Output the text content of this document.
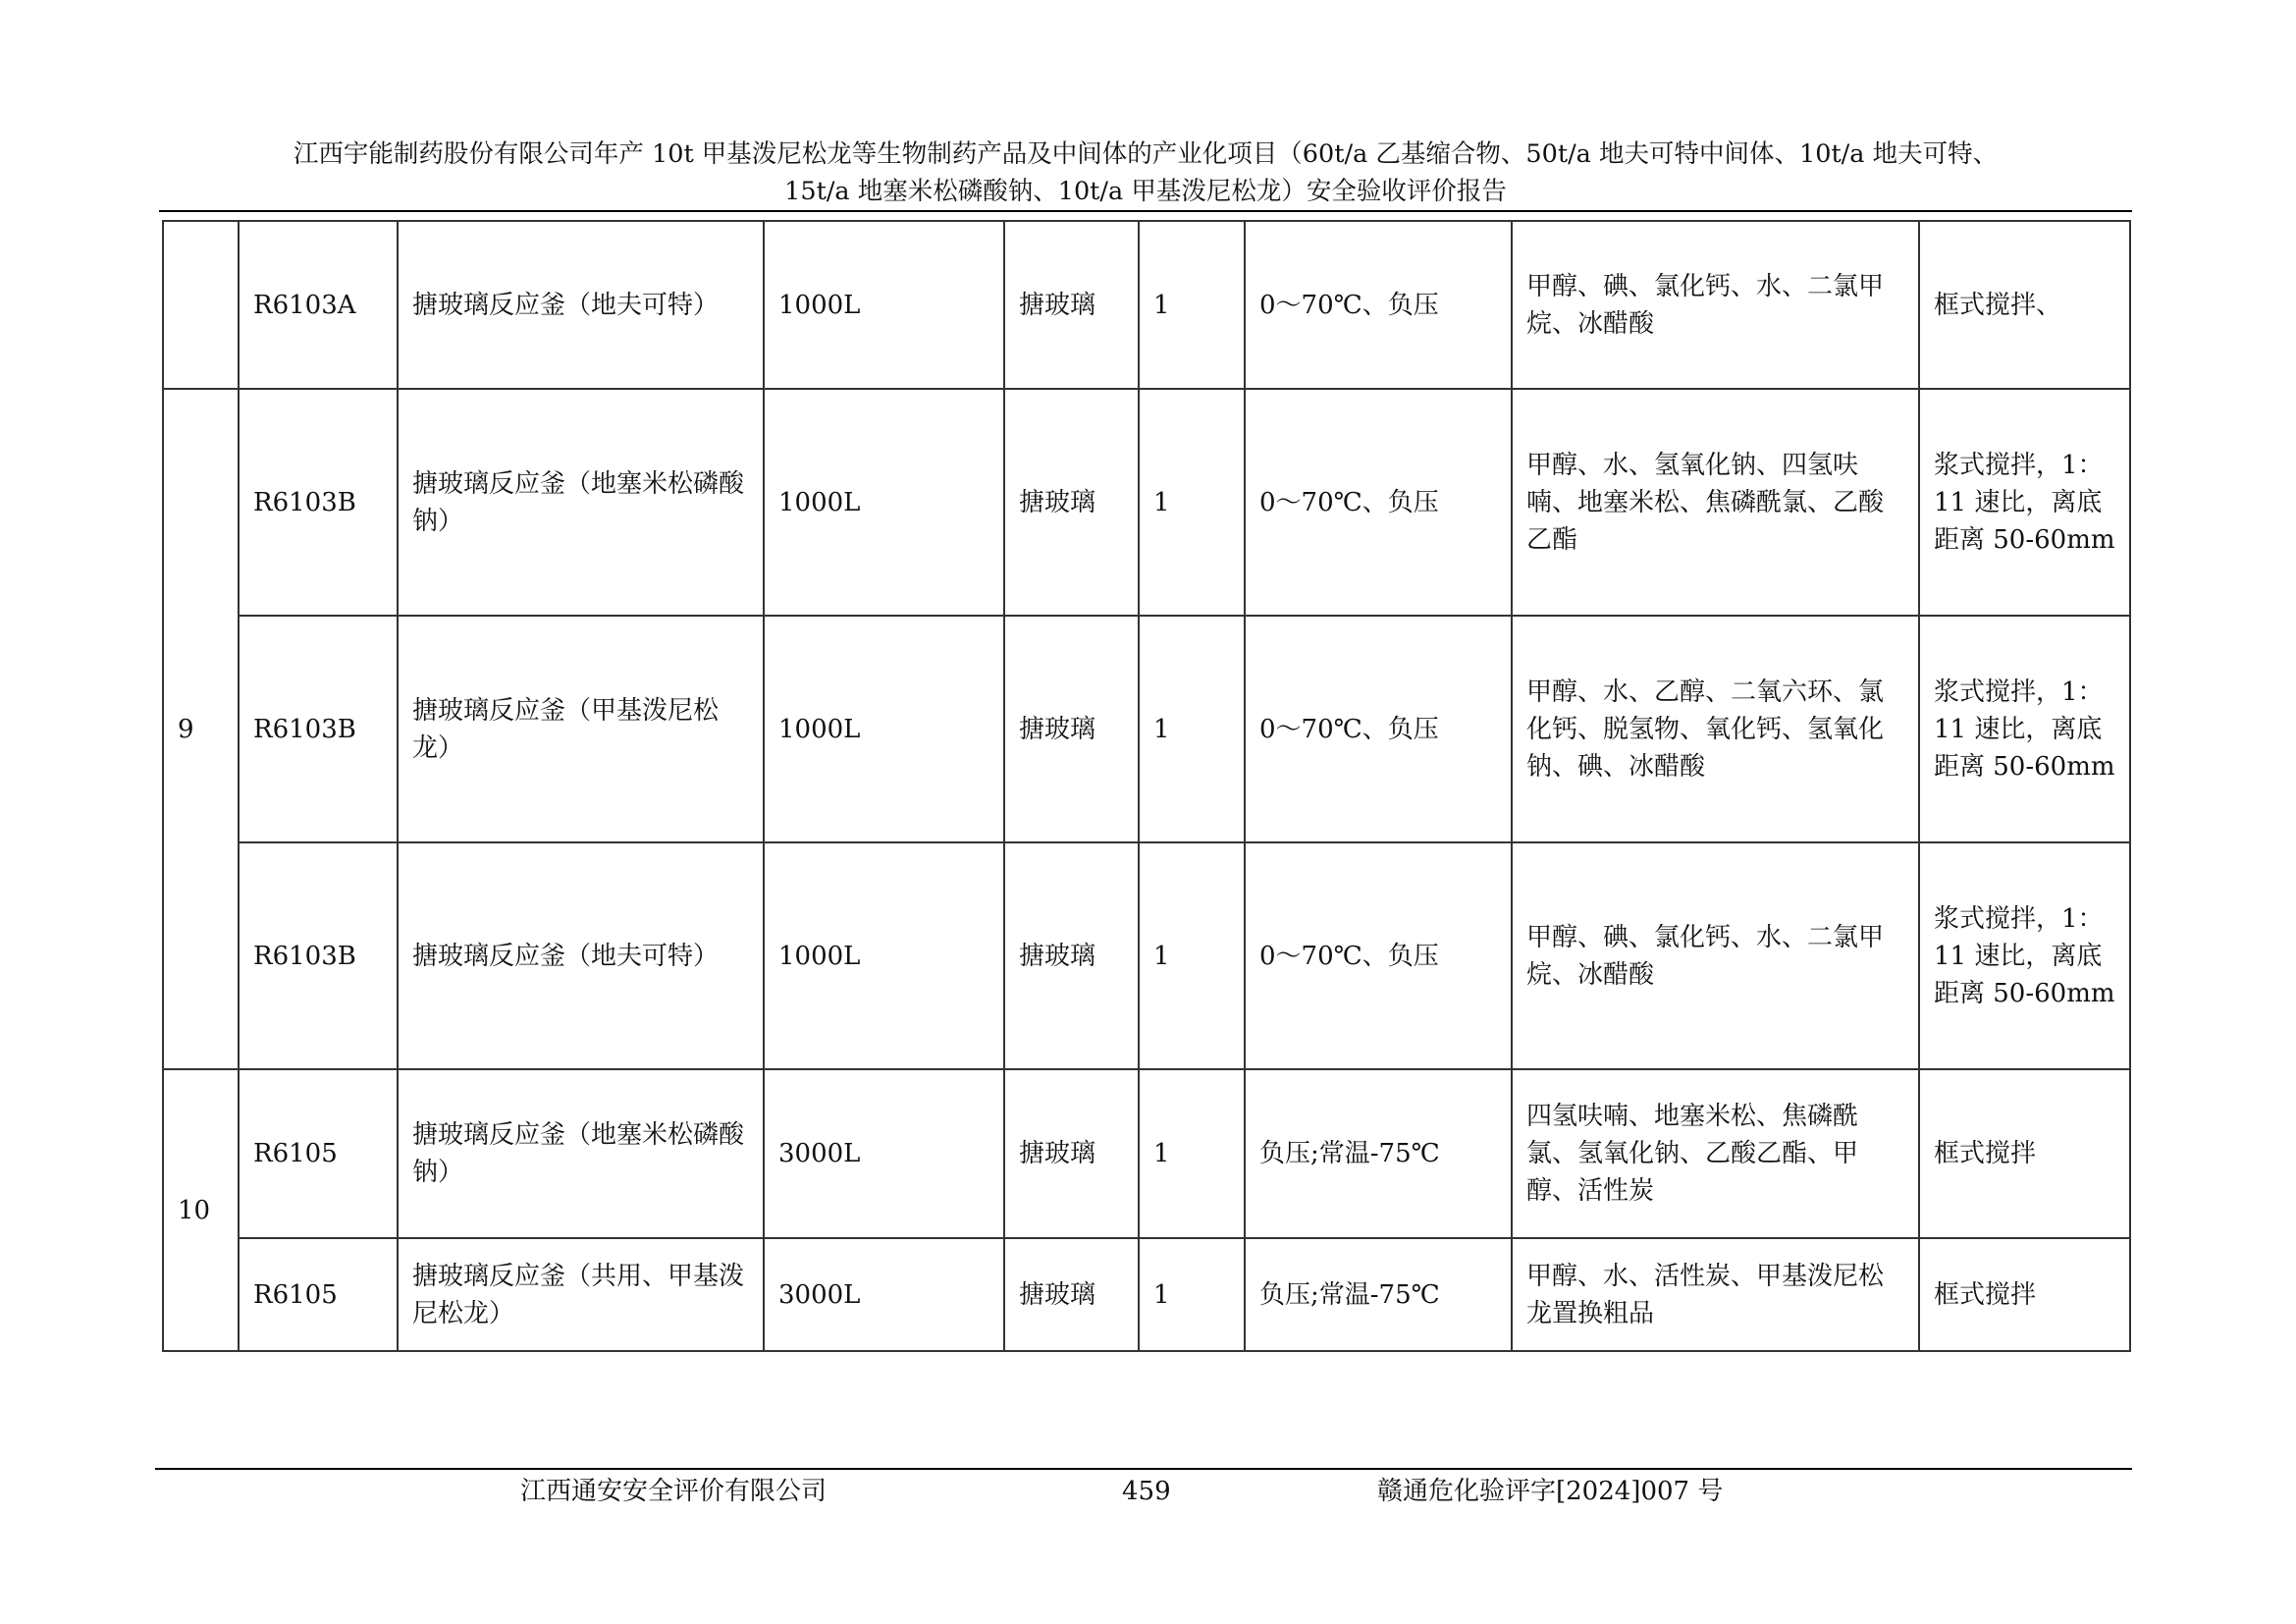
江西宇能制药股份有限公司年产 10t 甲基泼尼松龙等生物制药产品及中间体的产业化项目（60t/a 乙基缩合物、50t/a 地夫可特中间体、10t/a 地夫可特、
15t/a 地塞米松磷酸钠、10t/a 甲基泼尼松龙）安全验收评价报告
	R6103A	搪玻璃反应釜（地夫可特）	1000L	搪玻璃	1	0～70℃、负压	甲醇、碘、氯化钙、水、二氯甲烷、冰醋酸	框式搅拌、
9	R6103B	搪玻璃反应釜（地塞米松磷酸钠）	1000L	搪玻璃	1	0～70℃、负压	甲醇、水、氢氧化钠、四氢呋喃、地塞米松、焦磷酰氯、乙酸乙酯	浆式搅拌，1：11 速比，离底距离 50-60mm
	R6103B	搪玻璃反应釜（甲基泼尼松龙）	1000L	搪玻璃	1	0～70℃、负压	甲醇、水、乙醇、二氧六环、氯化钙、脱氢物、氧化钙、氢氧化钠、碘、冰醋酸	浆式搅拌，1：11 速比，离底距离 50-60mm
	R6103B	搪玻璃反应釜（地夫可特）	1000L	搪玻璃	1	0～70℃、负压	甲醇、碘、氯化钙、水、二氯甲烷、冰醋酸	浆式搅拌，1：11 速比，离底距离 50-60mm
10	R6105	搪玻璃反应釜（地塞米松磷酸钠）	3000L	搪玻璃	1	负压;常温-75℃	四氢呋喃、地塞米松、焦磷酰氯、氢氧化钠、乙酸乙酯、甲醇、活性炭	框式搅拌
	R6105	搪玻璃反应釜（共用、甲基泼尼松龙）	3000L	搪玻璃	1	负压;常温-75℃	甲醇、水、活性炭、甲基泼尼松龙置换粗品	框式搅拌
江西通安安全评价有限公司	459	赣通危化验评字[2024]007 号
